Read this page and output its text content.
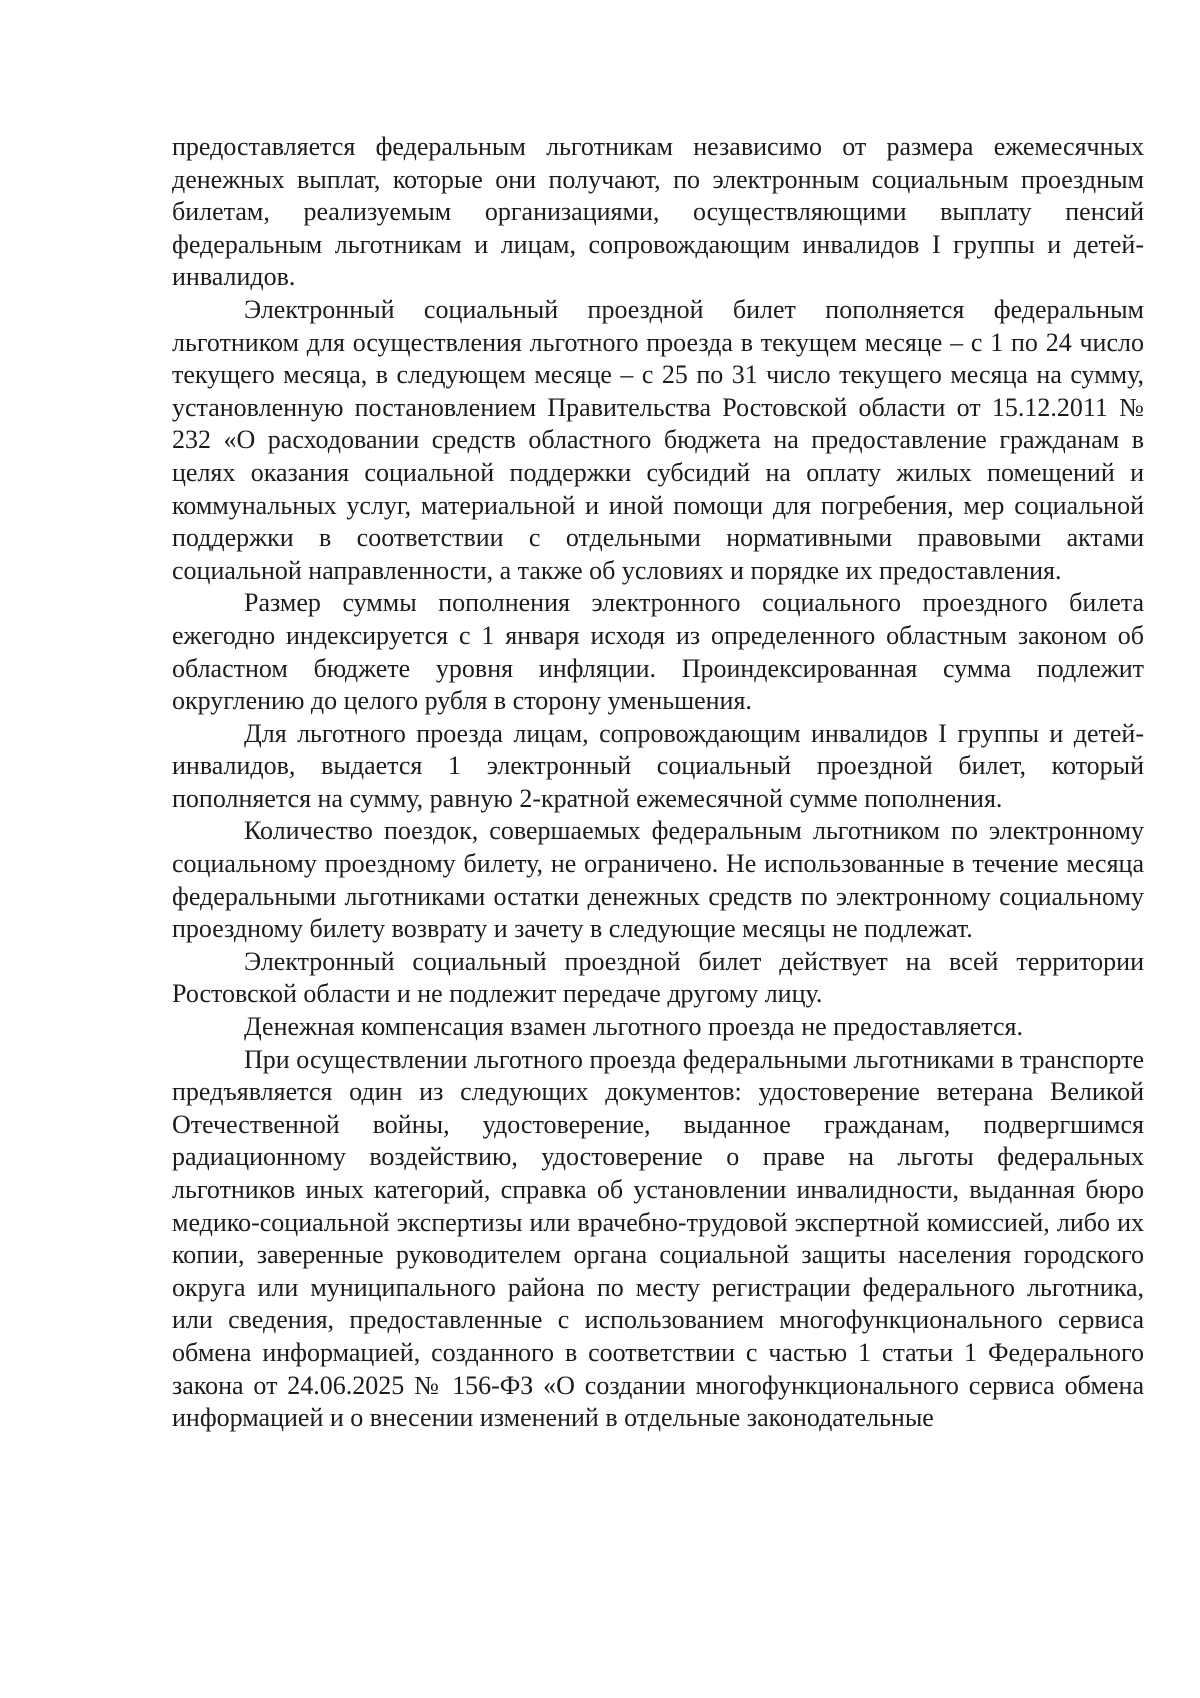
предоставляется федеральным льготникам независимо от размера ежемесячных денежных выплат, которые они получают, по электронным социальным проездным билетам, реализуемым организациями, осуществляющими выплату пенсий федеральным льготникам и лицам, сопровождающим инвалидов I группы и детей-инвалидов.

Электронный социальный проездной билет пополняется федеральным льготником для осуществления льготного проезда в текущем месяце – с 1 по 24 число текущего месяца, в следующем месяце – с 25 по 31 число текущего месяца на сумму, установленную постановлением Правительства Ростовской области от 15.12.2011 № 232 «О расходовании средств областного бюджета на предоставление гражданам в целях оказания социальной поддержки субсидий на оплату жилых помещений и коммунальных услуг, материальной и иной помощи для погребения, мер социальной поддержки в соответствии с отдельными нормативными правовыми актами социальной направленности, а также об условиях и порядке их предоставления.

Размер суммы пополнения электронного социального проездного билета ежегодно индексируется с 1 января исходя из определенного областным законом об областном бюджете уровня инфляции. Проиндексированная сумма подлежит округлению до целого рубля в сторону уменьшения.

Для льготного проезда лицам, сопровождающим инвалидов I группы и детей-инвалидов, выдается 1 электронный социальный проездной билет, который пополняется на сумму, равную 2-кратной ежемесячной сумме пополнения.

Количество поездок, совершаемых федеральным льготником по электронному социальному проездному билету, не ограничено. Не использованные в течение месяца федеральными льготниками остатки денежных средств по электронному социальному проездному билету возврату и зачету в следующие месяцы не подлежат.

Электронный социальный проездной билет действует на всей территории Ростовской области и не подлежит передаче другому лицу.

Денежная компенсация взамен льготного проезда не предоставляется.

При осуществлении льготного проезда федеральными льготниками в транспорте предъявляется один из следующих документов: удостоверение ветерана Великой Отечественной войны, удостоверение, выданное гражданам, подвергшимся радиационному воздействию, удостоверение о праве на льготы федеральных льготников иных категорий, справка об установлении инвалидности, выданная бюро медико-социальной экспертизы или врачебно-трудовой экспертной комиссией, либо их копии, заверенные руководителем органа социальной защиты населения городского округа или муниципального района по месту регистрации федерального льготника, или сведения, предоставленные с использованием многофункционального сервиса обмена информацией, созданного в соответствии с частью 1 статьи 1 Федерального закона от 24.06.2025 № 156-ФЗ «О создании многофункционального сервиса обмена информацией и о внесении изменений в отдельные законодательные
